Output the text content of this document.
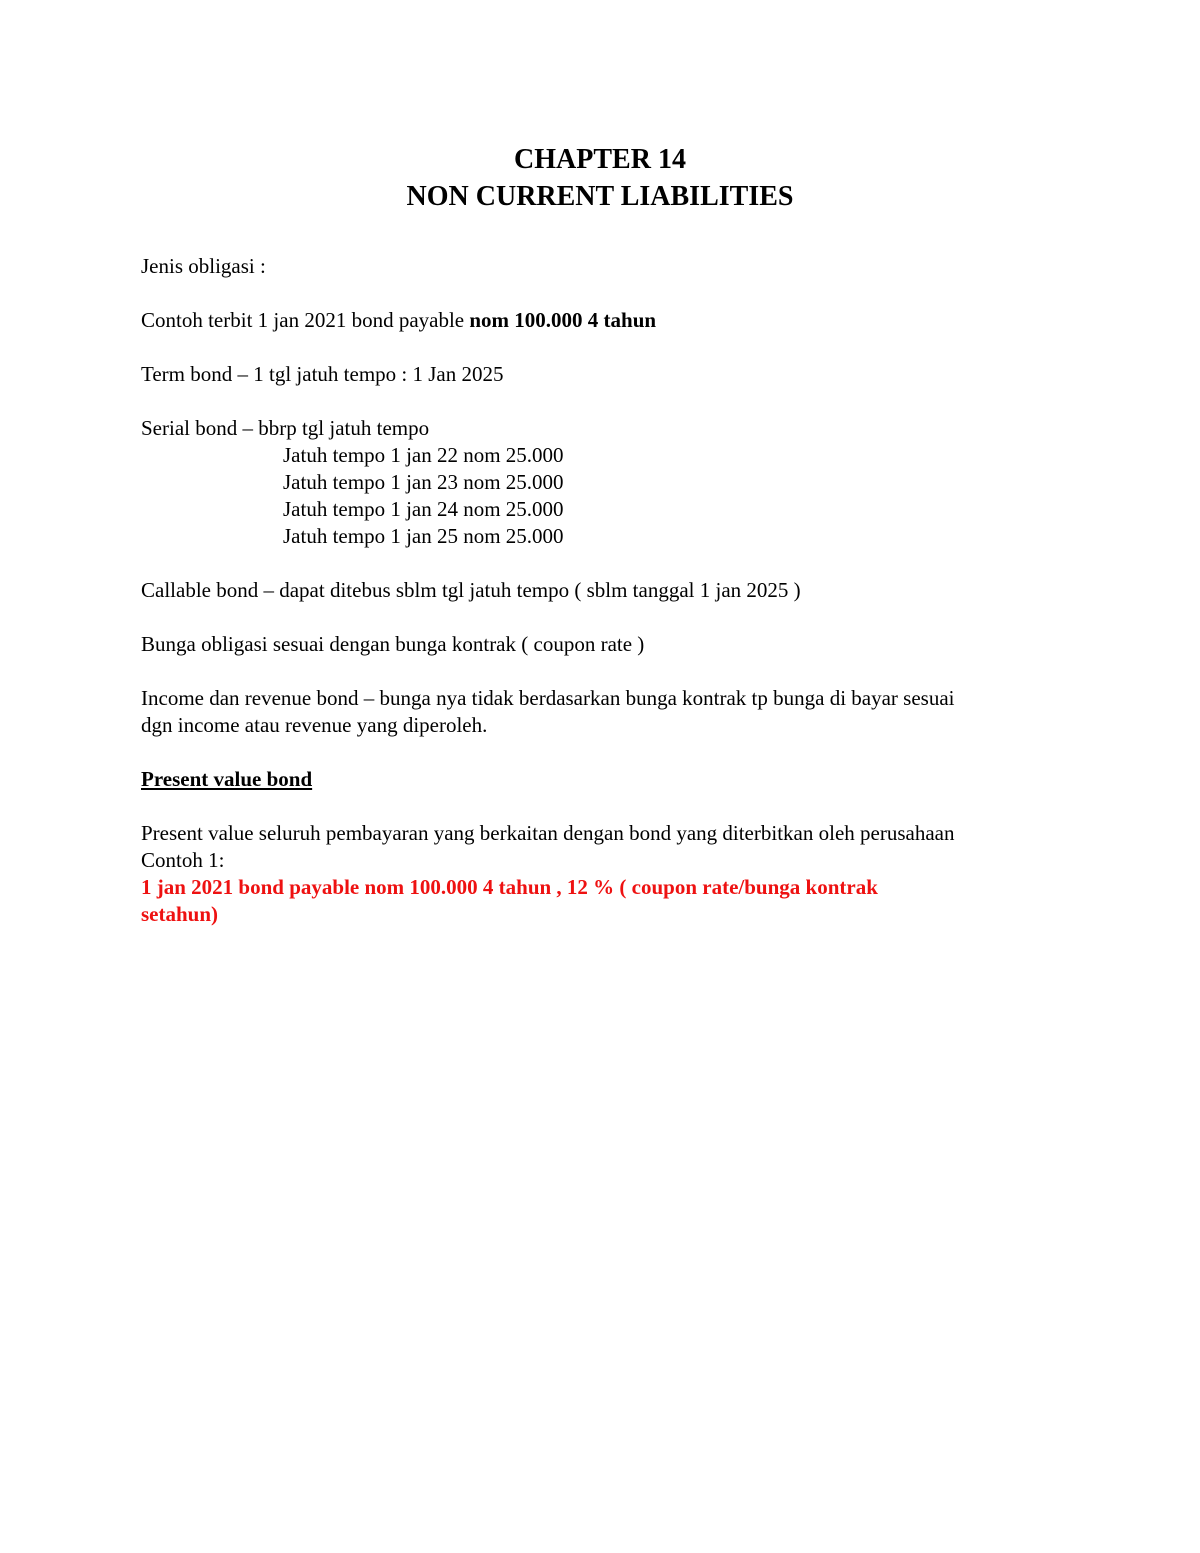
CHAPTER 14
NON CURRENT LIABILITIES
Jenis obligasi :
Contoh terbit 1 jan 2021 bond payable nom 100.000 4 tahun
Term bond – 1 tgl jatuh tempo : 1 Jan 2025
Serial bond – bbrp tgl jatuh tempo
Jatuh tempo 1 jan 22 nom 25.000
Jatuh tempo 1 jan 23 nom 25.000
Jatuh tempo 1 jan 24 nom 25.000
Jatuh tempo 1 jan 25 nom 25.000
Callable bond – dapat ditebus sblm tgl jatuh tempo ( sblm tanggal 1 jan 2025 )
Bunga obligasi sesuai dengan bunga kontrak ( coupon rate )
Income dan revenue bond – bunga nya tidak berdasarkan bunga kontrak tp bunga di bayar sesuai
dgn income atau revenue yang diperoleh.
Present value bond
Present value seluruh pembayaran yang berkaitan dengan bond yang diterbitkan oleh perusahaan
Contoh 1:
1 jan 2021 bond payable nom 100.000 4 tahun , 12 % ( coupon rate/bunga kontrak
setahun)
